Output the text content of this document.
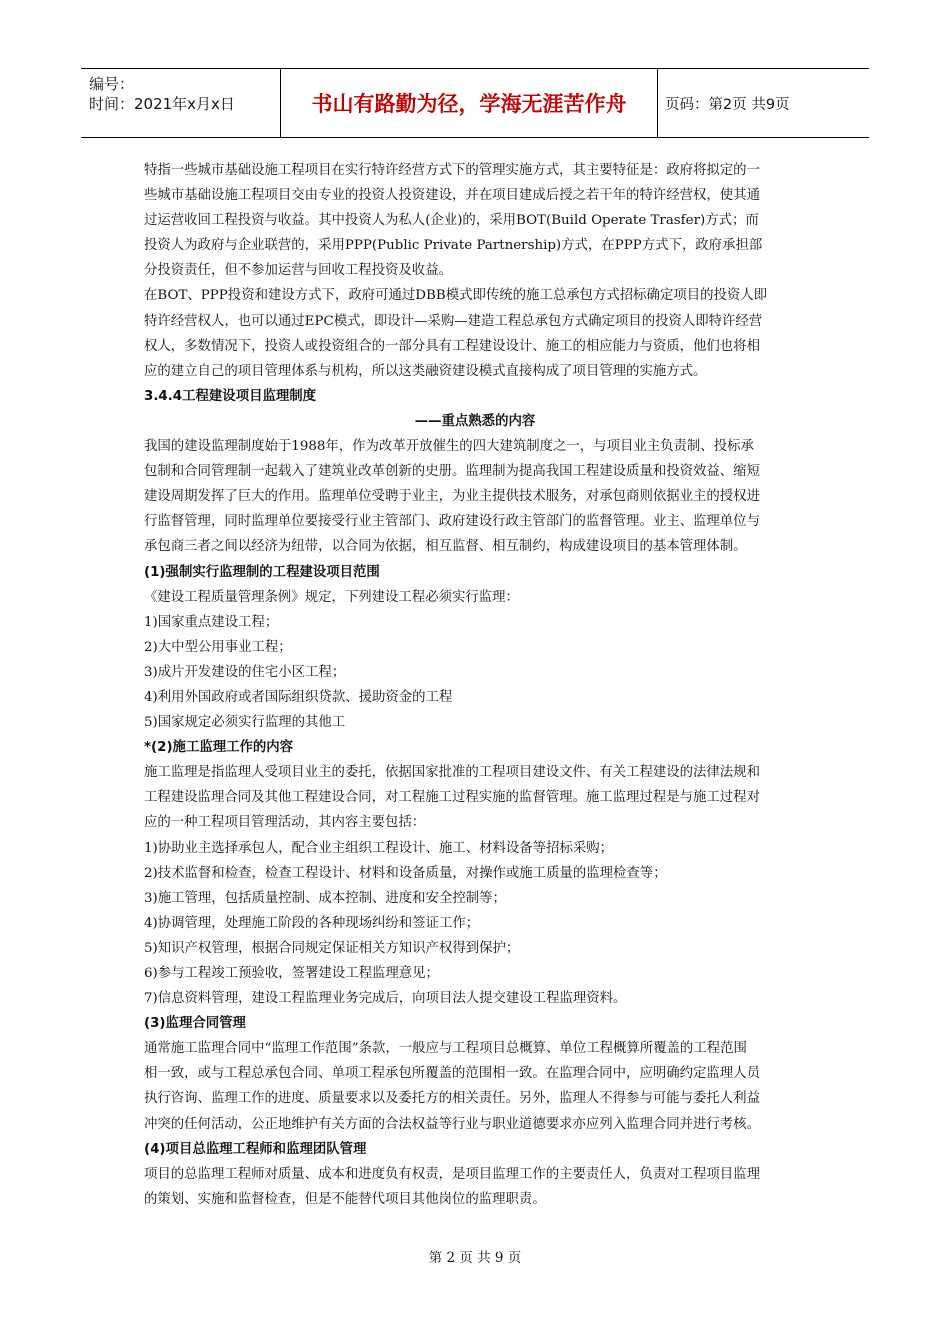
编号：
时间：2021年x月x日	书山有路勤为径，学海无涯苦作舟	页码：第2页 共9页
特指一些城市基础设施工程项目在实行特许经营方式下的管理实施方式，其主要特征是：政府将拟定的一
些城市基础设施工程项目交由专业的投资人投资建设，并在项目建成后授之若干年的特许经营权，使其通
过运营收回工程投资与收益。其中投资人为私人(企业)的，采用BOT(Build Operate Trasfer)方式；而
投资人为政府与企业联营的，采用PPP(Public Private Partnership)方式，在PPP方式下，政府承担部
分投资责任，但不参加运营与回收工程投资及收益。
在BOT、PPP投资和建设方式下，政府可通过DBB模式即传统的施工总承包方式招标确定项目的投资人即
特许经营权人，也可以通过EPC模式，即设计—采购—建造工程总承包方式确定项目的投资人即特许经营
权人，多数情况下，投资人或投资组合的一部分具有工程建设设计、施工的相应能力与资质，他们也将相
应的建立自己的项目管理体系与机构，所以这类融资建设模式直接构成了项目管理的实施方式。
3.4.4工程建设项目监理制度
——重点熟悉的内容
我国的建设监理制度始于1988年，作为改革开放催生的四大建筑制度之一，与项目业主负责制、投标承
包制和合同管理制一起载入了建筑业改革创新的史册。监理制为提高我国工程建设质量和投资效益、缩短
建设周期发挥了巨大的作用。监理单位受聘于业主，为业主提供技术服务，对承包商则依据业主的授权进
行监督管理，同时监理单位要接受行业主管部门、政府建设行政主管部门的监督管理。业主、监理单位与
承包商三者之间以经济为纽带，以合同为依据，相互监督、相互制约，构成建设项目的基本管理体制。
(1)强制实行监理制的工程建设项目范围
《建设工程质量管理条例》规定，下列建设工程必须实行监理：
1)国家重点建设工程；
2)大中型公用事业工程；
3)成片开发建设的住宅小区工程；
4)利用外国政府或者国际组织贷款、援助资金的工程
5)国家规定必须实行监理的其他工
*(2)施工监理工作的内容
施工监理是指监理人受项目业主的委托，依据国家批准的工程项目建设文件、有关工程建设的法律法规和
工程建设监理合同及其他工程建设合同，对工程施工过程实施的监督管理。施工监理过程是与施工过程对
应的一种工程项目管理活动，其内容主要包括：
1)协助业主选择承包人，配合业主组织工程设计、施工、材料设备等招标采购；
2)技术监督和检查，检查工程设计、材料和设备质量，对操作或施工质量的监理检查等；
3)施工管理，包括质量控制、成本控制、进度和安全控制等；
4)协调管理，处理施工阶段的各种现场纠纷和签证工作；
5)知识产权管理，根据合同规定保证相关方知识产权得到保护；
6)参与工程竣工预验收，签署建设工程监理意见；
7)信息资料管理，建设工程监理业务完成后，向项目法人提交建设工程监理资料。
(3)监理合同管理
通常施工监理合同中“监理工作范围”条款，一般应与工程项目总概算、单位工程概算所覆盖的工程范围
相一致，或与工程总承包合同、单项工程承包所覆盖的范围相一致。在监理合同中，应明确约定监理人员
执行咨询、监理工作的进度、质量要求以及委托方的相关责任。另外，监理人不得参与可能与委托人利益
冲突的任何活动，公正地维护有关方面的合法权益等行业与职业道德要求亦应列入监理合同并进行考核。
(4)项目总监理工程师和监理团队管理
项目的总监理工程师对质量、成本和进度负有权责，是项目监理工作的主要责任人，负责对工程项目监理
的策划、实施和监督检查，但是不能替代项目其他岗位的监理职责。
第 2 页 共 9 页
